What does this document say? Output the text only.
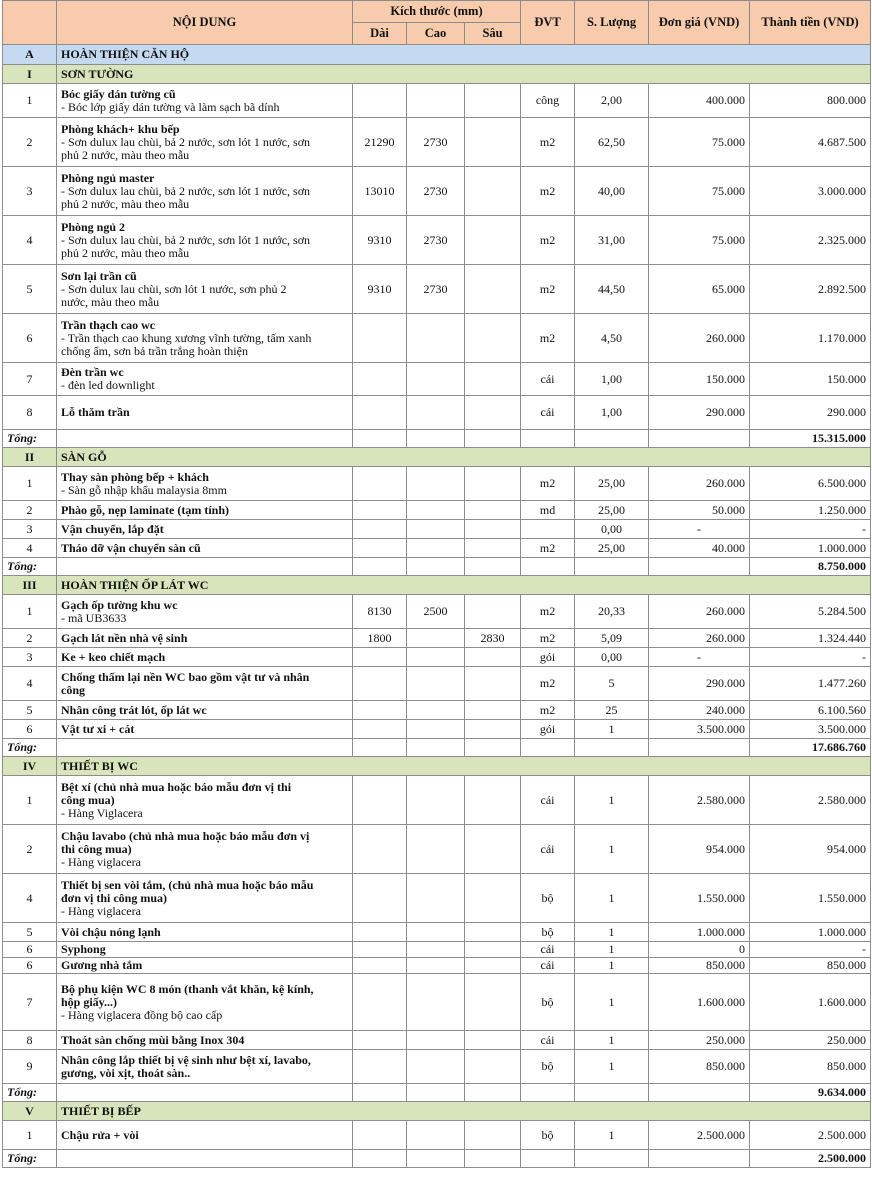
	NỘI DUNG	Kích thước (mm)			ĐVT	S. Lượng	Đơn giá (VND)	Thành tiền (VND)
		Dài	Cao	Sâu				
A	HOÀN THIỆN CĂN HỘ							
I	SƠN TƯỜNG							
1	Bóc giấy dán tường cũ
- Bóc lớp giấy dán tường và làm sạch bã dính				công	2,00	400.000	800.000
2	Phòng khách+ khu bếp
- Sơn dulux lau chùi, bả 2 nước, sơn lót 1 nước, sơn
phủ 2 nước, màu theo mẫu	21290	2730		m2	62,50	75.000	4.687.500
3	Phòng ngủ master
- Sơn dulux lau chùi, bả 2 nước, sơn lót 1 nước, sơn
phủ 2 nước, màu theo mẫu	13010	2730		m2	40,00	75.000	3.000.000
4	Phòng ngủ 2
- Sơn dulux lau chùi, bả 2 nước, sơn lót 1 nước, sơn
phủ 2 nước, màu theo mẫu	9310	2730		m2	31,00	75.000	2.325.000
5	Sơn lại trần cũ
- Sơn dulux lau chùi, sơn lót 1 nước, sơn phủ 2
nước, màu theo mẫu	9310	2730		m2	44,50	65.000	2.892.500
6	Trần thạch cao wc
- Trần thạch cao khung xương vĩnh tường, tấm xanh
chống ẩm, sơn bả trần trắng hoàn thiện				m2	4,50	260.000	1.170.000
7	Đèn trần wc
- đèn led downlight				cái	1,00	150.000	150.000
8	Lỗ thăm trần				cái	1,00	290.000	290.000
Tổng:								15.315.000
II	SÀN GỖ							
1	Thay sàn phòng bếp + khách
- Sàn gỗ nhập khẩu malaysia 8mm				m2	25,00	260.000	6.500.000
2	Phào gỗ, nẹp laminate (tạm tính)				md	25,00	50.000	1.250.000
3	Vận chuyển, lắp đặt					0,00	-	-
4	Tháo dỡ vận chuyển sàn cũ				m2	25,00	40.000	1.000.000
Tổng:								8.750.000
III	HOÀN THIỆN ỐP LÁT WC							
1	Gạch ốp tường khu wc
- mã UB3633	8130	2500		m2	20,33	260.000	5.284.500
2	Gạch lát nền nhà vệ sinh	1800		2830	m2	5,09	260.000	1.324.440
3	Ke + keo chiết mạch				gói	0,00	-	-
4	Chống thấm lại nền WC bao gồm vật tư và nhân
công				m2	5	290.000	1.477.260
5	Nhân công trát lót, ốp lát wc				m2	25	240.000	6.100.560
6	Vật tư xi + cát				gói	1	3.500.000	3.500.000
Tổng:								17.686.760
IV	THIẾT BỊ WC							
1	Bệt xí (chủ nhà mua hoặc báo mẫu đơn vị thi
công mua)
- Hàng Viglacera				cái	1	2.580.000	2.580.000
2	Chậu lavabo (chủ nhà mua hoặc báo mẫu đơn vị
thi công mua)
- Hàng viglacera				cái	1	954.000	954.000
4	Thiết bị sen vòi tắm, (chủ nhà mua hoặc báo mẫu
đơn vị thi công mua)
- Hàng viglacera				bộ	1	1.550.000	1.550.000
5	Vòi chậu nóng lạnh				bộ	1	1.000.000	1.000.000
6	Syphong				cái	1	0	-
6	Gương nhà tắm				cái	1	850.000	850.000
7	Bộ phụ kiện WC 8 món (thanh vắt khăn, kệ kính,
hộp giấy...)
- Hàng viglacera đồng bộ cao cấp				bộ	1	1.600.000	1.600.000
8	Thoát sàn chống mùi bằng Inox 304				cái	1	250.000	250.000
9	Nhân công lắp thiết bị vệ sinh như bệt xí, lavabo,
gương, vòi xịt, thoát sàn..				bộ	1	850.000	850.000
Tổng:								9.634.000
V	THIẾT BỊ BẾP							
1	Chậu rửa + vòi				bộ	1	2.500.000	2.500.000
Tổng:								2.500.000
